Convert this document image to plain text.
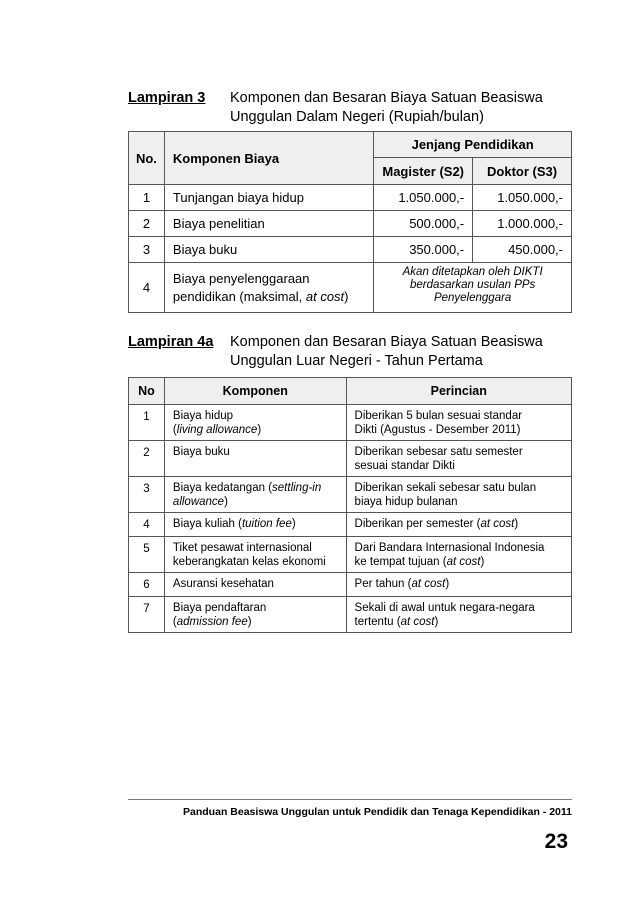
Lampiran 3 Komponen dan Besaran Biaya Satuan Beasiswa
Unggulan Dalam Negeri (Rupiah/bulan)
No.	Komponen Biaya	Jenjang Pendidikan	
		Magister (S2)	Doktor (S3)
1	Tunjangan biaya hidup	1.050.000,-	1.050.000,-
2	Biaya penelitian	500.000,-	1.000.000,-
3	Biaya buku	350.000,-	450.000,-
4	Biaya penyelenggaraan
pendidikan (maksimal, at cost)	Akan ditetapkan oleh DIKTI
berdasarkan usulan PPs
Penyelenggara	
Lampiran 4a Komponen dan Besaran Biaya Satuan Beasiswa
Unggulan Luar Negeri - Tahun Pertama
No	Komponen	Perincian
1	Biaya hidup
(living allowance)	Diberikan 5 bulan sesuai standar
Dikti (Agustus - Desember 2011)
2	Biaya buku	Diberikan sebesar satu semester
sesuai standar Dikti
3	Biaya kedatangan (settling-in
allowance)	Diberikan sekali sebesar satu bulan
biaya hidup bulanan
4	Biaya kuliah (tuition fee)	Diberikan per semester (at cost)
5	Tiket pesawat internasional
keberangkatan kelas ekonomi	Dari Bandara Internasional Indonesia
ke tempat tujuan (at cost)
6	Asuransi kesehatan	Per tahun (at cost)
7	Biaya pendaftaran
(admission fee)	Sekali di awal untuk negara-negara
tertentu (at cost)
Panduan Beasiswa Unggulan untuk Pendidik dan Tenaga Kependidikan - 2011
23
